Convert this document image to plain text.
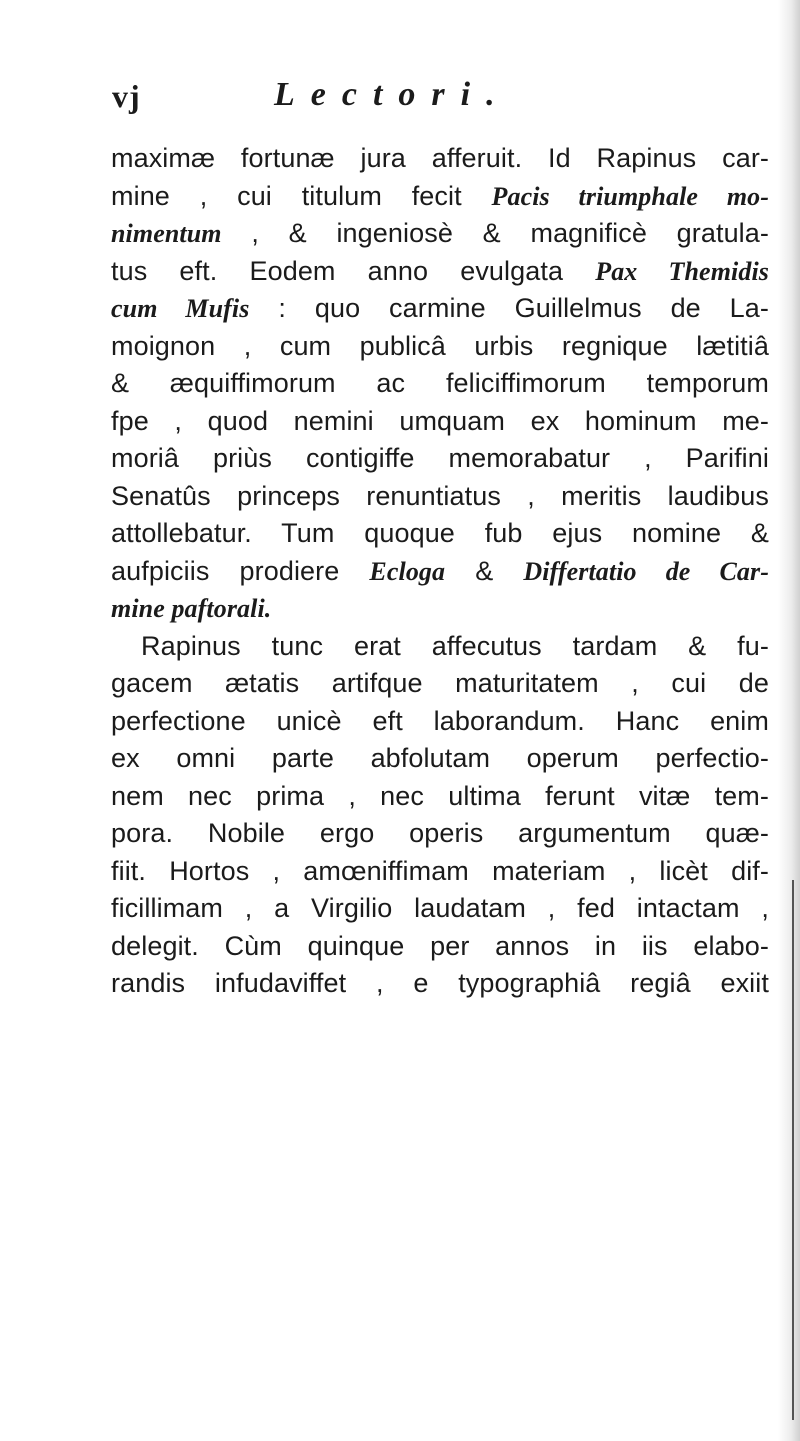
vj	Lectori.
maximæ fortunæ jura afferuit. Id Rapinus car-
mine , cui titulum fecit Pacis triumphale mo-
nimentum , & ingeniosè & magnificè gratula-
tus eft. Eodem anno evulgata Pax Themidis
cum Mufis : quo carmine Guillelmus de La-
moignon , cum publicâ urbis regnique lætitiâ
& æquiffimorum ac feliciffimorum temporum
fpe , quod nemini umquam ex hominum me-
moriâ priùs contigiffe memorabatur , Parifini
Senatûs princeps renuntiatus , meritis laudibus
attollebatur. Tum quoque fub ejus nomine &
aufpiciis prodiere Ecloga & Differtatio de Car-
mine paftorali.
Rapinus tunc erat affecutus tardam & fu-
gacem ætatis artifque maturitatem , cui de
perfectione unicè eft laborandum. Hanc enim
ex omni parte abfolutam operum perfectio-
nem nec prima , nec ultima ferunt vitæ tem-
pora. Nobile ergo operis argumentum quæ-
fiit. Hortos , amœniffimam materiam , licèt dif-
ficillimam , a Virgilio laudatam , fed intactam ,
delegit. Cùm quinque per annos in iis elabo-
randis infudaviffet , e typographiâ regiâ exiit
